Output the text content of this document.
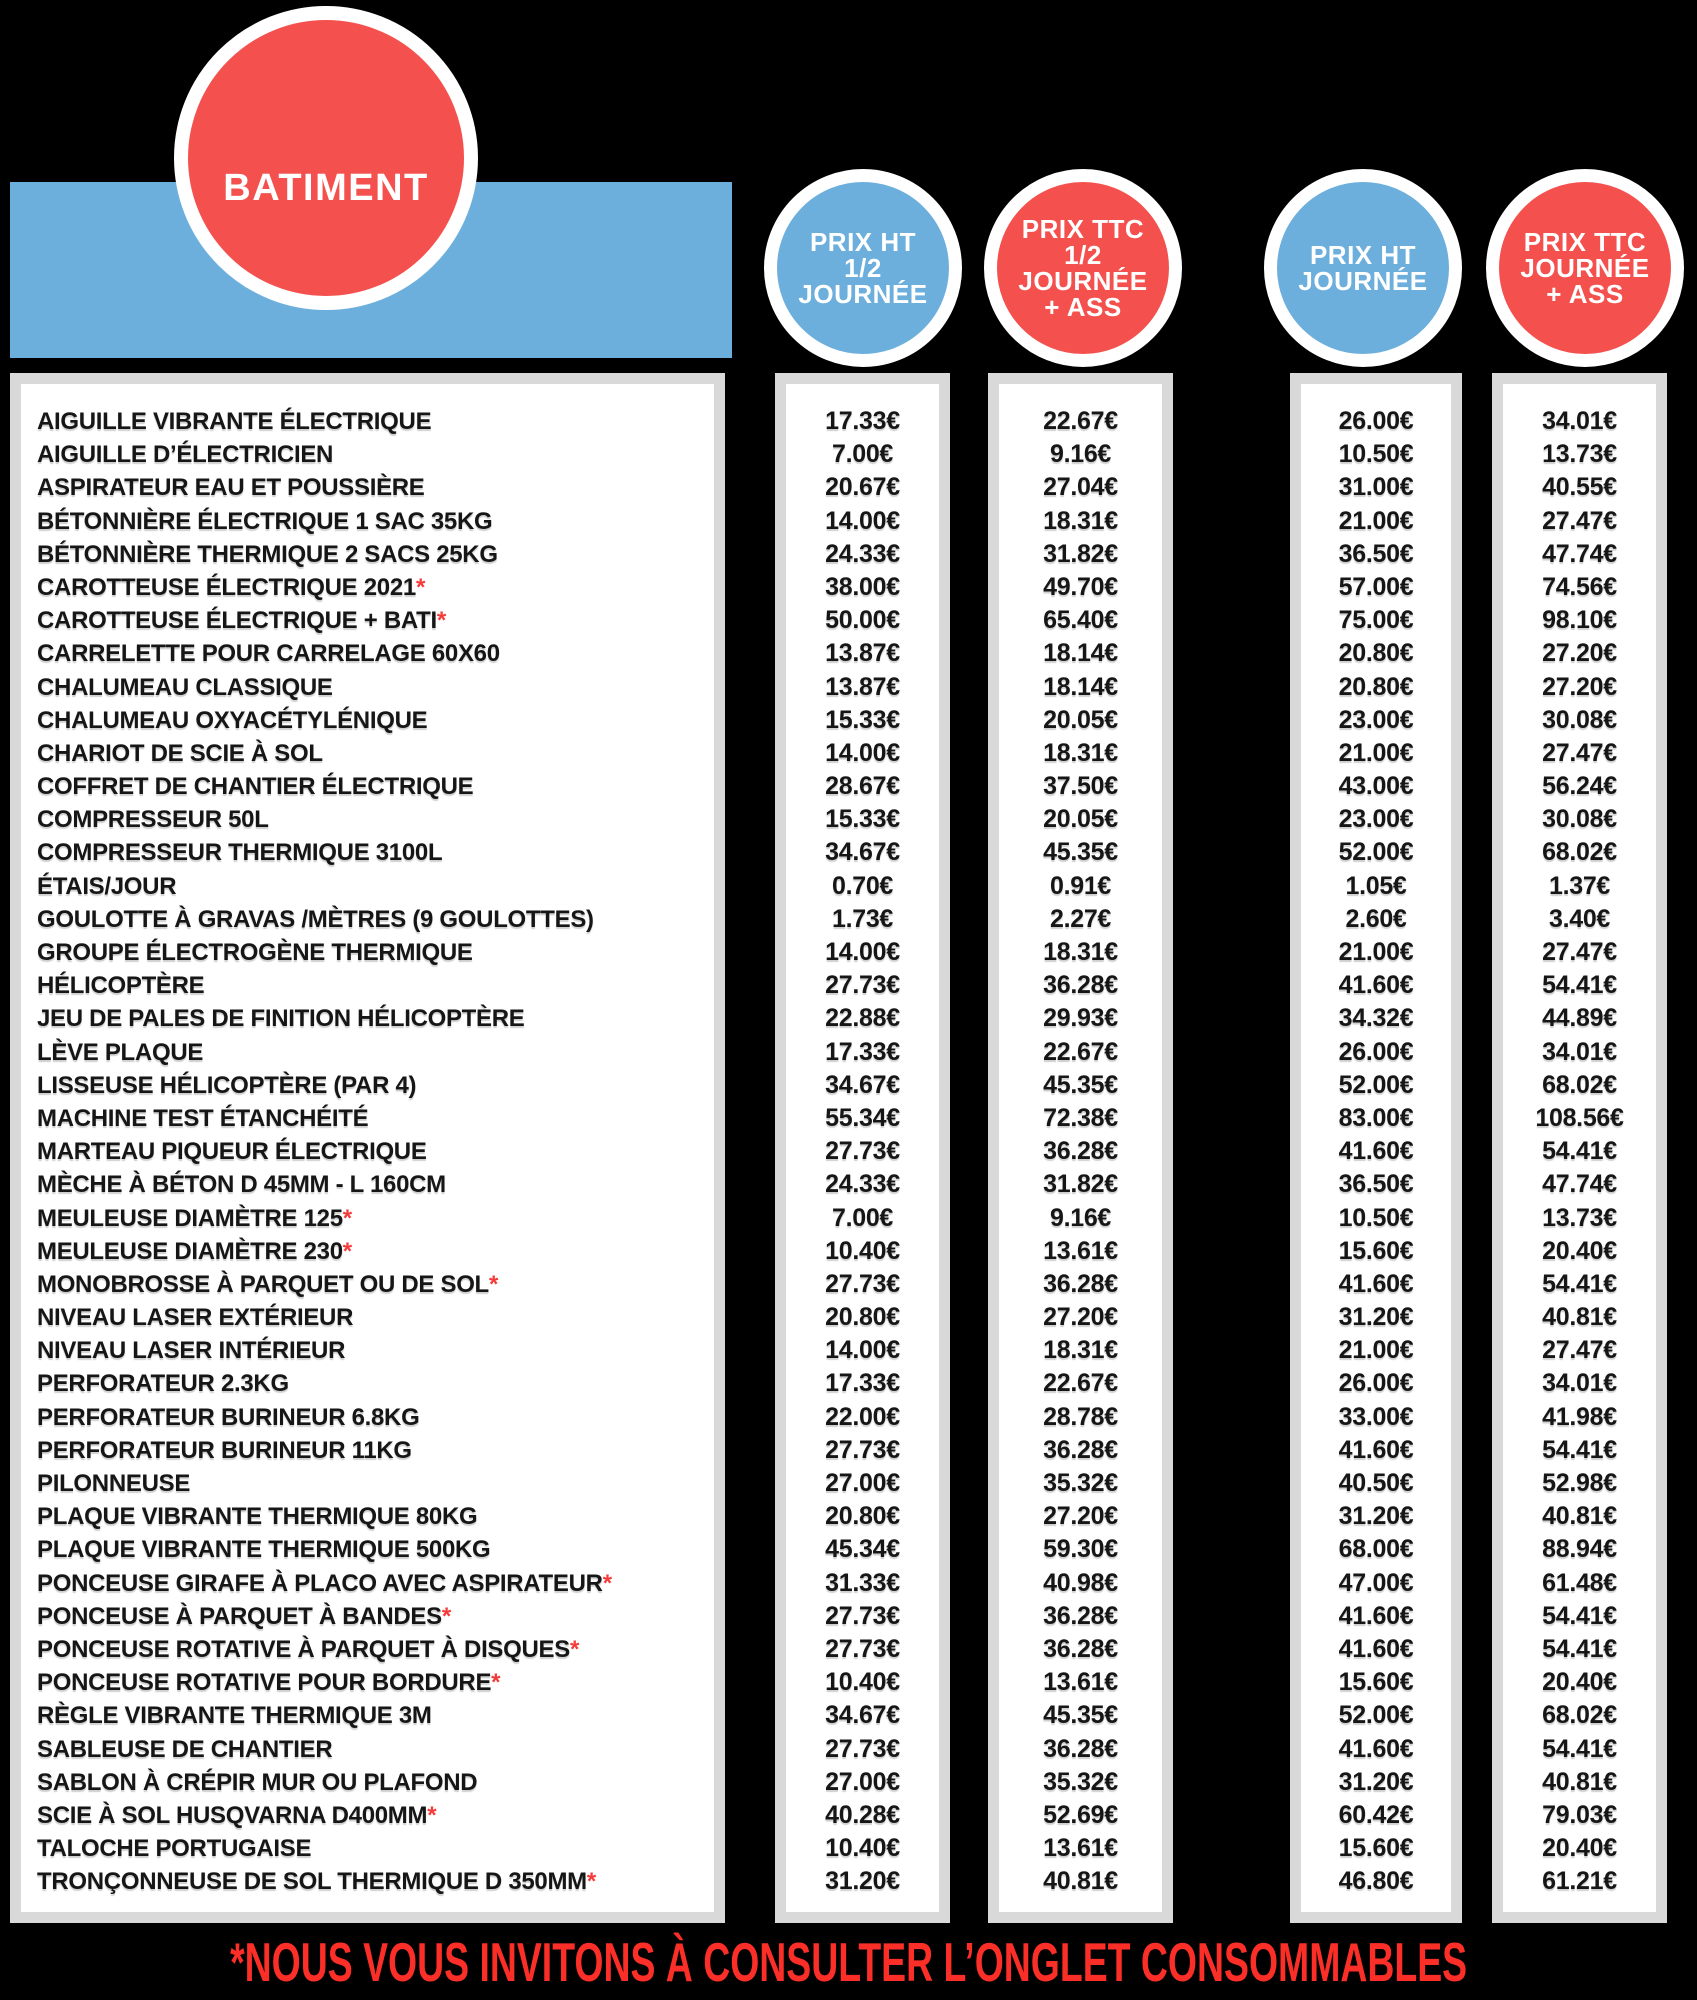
BATIMENT
PRIX HT
1/2
JOURNÉE
PRIX TTC
1/2
JOURNÉE
+ ASS
PRIX HT
JOURNÉE
PRIX TTC
JOURNÉE
+ ASS
AIGUILLE VIBRANTE ÉLECTRIQUE
AIGUILLE D’ÉLECTRICIEN
ASPIRATEUR EAU ET POUSSIÈRE
BÉTONNIÈRE ÉLECTRIQUE 1 SAC 35KG
BÉTONNIÈRE THERMIQUE 2 SACS 25KG
CAROTTEUSE ÉLECTRIQUE 2021*
CAROTTEUSE ÉLECTRIQUE + BATI*
CARRELETTE POUR CARRELAGE 60X60
CHALUMEAU CLASSIQUE
CHALUMEAU OXYACÉTYLÉNIQUE
CHARIOT DE SCIE À SOL
COFFRET DE CHANTIER ÉLECTRIQUE
COMPRESSEUR 50L
COMPRESSEUR THERMIQUE 3100L
ÉTAIS/JOUR
GOULOTTE À GRAVAS /MÈTRES (9 GOULOTTES)
GROUPE ÉLECTROGÈNE THERMIQUE
HÉLICOPTÈRE
JEU DE PALES DE FINITION HÉLICOPTÈRE
LÈVE PLAQUE
LISSEUSE HÉLICOPTÈRE (PAR 4)
MACHINE TEST ÉTANCHÉITÉ
MARTEAU PIQUEUR ÉLECTRIQUE
MÈCHE À BÉTON D 45MM - L 160CM
MEULEUSE DIAMÈTRE 125*
MEULEUSE DIAMÈTRE 230*
MONOBROSSE À PARQUET OU DE SOL*
NIVEAU LASER EXTÉRIEUR
NIVEAU LASER INTÉRIEUR
PERFORATEUR 2.3KG
PERFORATEUR BURINEUR 6.8KG
PERFORATEUR BURINEUR 11KG
PILONNEUSE
PLAQUE VIBRANTE THERMIQUE 80KG
PLAQUE VIBRANTE THERMIQUE 500KG
PONCEUSE GIRAFE À PLACO AVEC ASPIRATEUR*
PONCEUSE À PARQUET À BANDES*
PONCEUSE ROTATIVE À PARQUET À DISQUES*
PONCEUSE ROTATIVE POUR BORDURE*
RÈGLE VIBRANTE THERMIQUE 3M
SABLEUSE DE CHANTIER
SABLON À CRÉPIR MUR OU PLAFOND
SCIE À SOL HUSQVARNA D400MM*
TALOCHE PORTUGAISE
TRONÇONNEUSE DE SOL THERMIQUE D 350MM*
17.33€
7.00€
20.67€
14.00€
24.33€
38.00€
50.00€
13.87€
13.87€
15.33€
14.00€
28.67€
15.33€
34.67€
0.70€
1.73€
14.00€
27.73€
22.88€
17.33€
34.67€
55.34€
27.73€
24.33€
7.00€
10.40€
27.73€
20.80€
14.00€
17.33€
22.00€
27.73€
27.00€
20.80€
45.34€
31.33€
27.73€
27.73€
10.40€
34.67€
27.73€
27.00€
40.28€
10.40€
31.20€
22.67€
9.16€
27.04€
18.31€
31.82€
49.70€
65.40€
18.14€
18.14€
20.05€
18.31€
37.50€
20.05€
45.35€
0.91€
2.27€
18.31€
36.28€
29.93€
22.67€
45.35€
72.38€
36.28€
31.82€
9.16€
13.61€
36.28€
27.20€
18.31€
22.67€
28.78€
36.28€
35.32€
27.20€
59.30€
40.98€
36.28€
36.28€
13.61€
45.35€
36.28€
35.32€
52.69€
13.61€
40.81€
26.00€
10.50€
31.00€
21.00€
36.50€
57.00€
75.00€
20.80€
20.80€
23.00€
21.00€
43.00€
23.00€
52.00€
1.05€
2.60€
21.00€
41.60€
34.32€
26.00€
52.00€
83.00€
41.60€
36.50€
10.50€
15.60€
41.60€
31.20€
21.00€
26.00€
33.00€
41.60€
40.50€
31.20€
68.00€
47.00€
41.60€
41.60€
15.60€
52.00€
41.60€
31.20€
60.42€
15.60€
46.80€
34.01€
13.73€
40.55€
27.47€
47.74€
74.56€
98.10€
27.20€
27.20€
30.08€
27.47€
56.24€
30.08€
68.02€
1.37€
3.40€
27.47€
54.41€
44.89€
34.01€
68.02€
108.56€
54.41€
47.74€
13.73€
20.40€
54.41€
40.81€
27.47€
34.01€
41.98€
54.41€
52.98€
40.81€
88.94€
61.48€
54.41€
54.41€
20.40€
68.02€
54.41€
40.81€
79.03€
20.40€
61.21€
*NOUS VOUS INVITONS À CONSULTER L’ONGLET CONSOMMABLES
